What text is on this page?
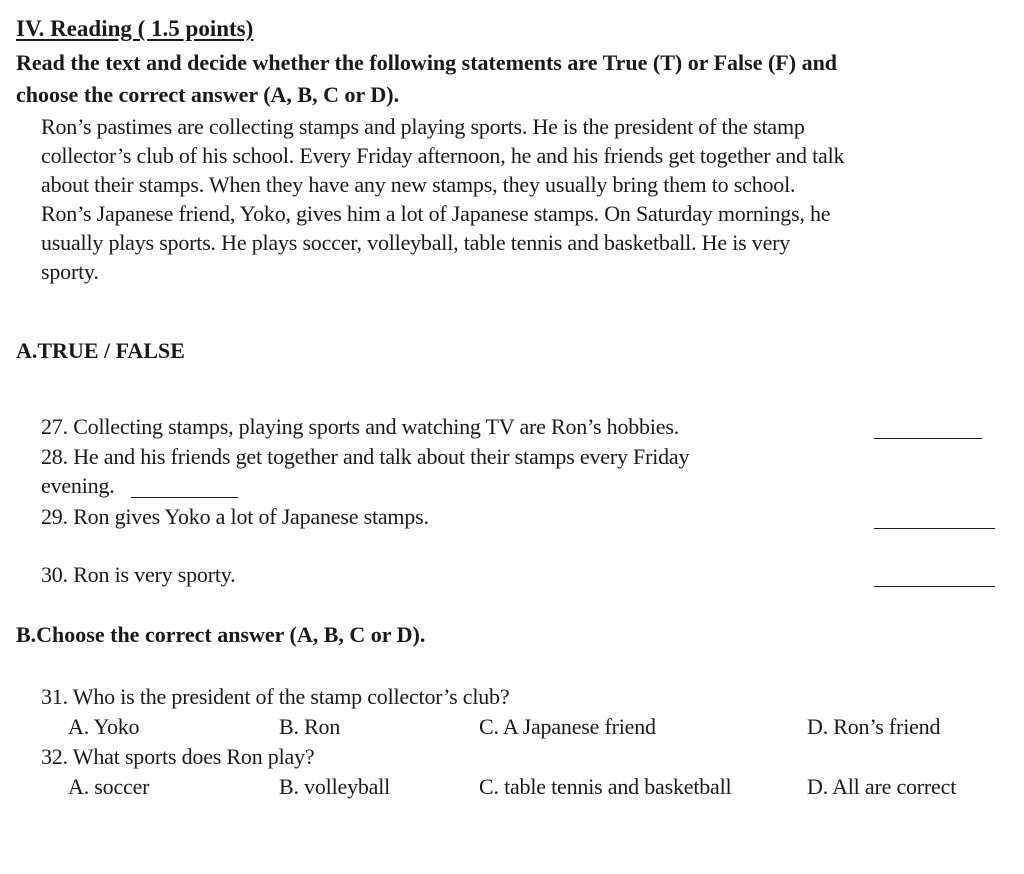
IV. Reading ( 1.5 points)
Read the text and decide whether the following statements are True (T) or False (F) and
choose the correct answer (A, B, C or D).
Ron’s pastimes are collecting stamps and playing sports. He is the president of the stamp
collector’s club of his school. Every Friday afternoon, he and his friends get together and talk
about their stamps. When they have any new stamps, they usually bring them to school.
Ron’s Japanese friend, Yoko, gives him a lot of Japanese stamps. On Saturday mornings, he
usually plays sports. He plays soccer, volleyball, table tennis and basketball. He is very
sporty.
A.TRUE / FALSE
27. Collecting stamps, playing sports and watching TV are Ron’s hobbies.
28. He and his friends get together and talk about their stamps every Friday
evening.
29. Ron gives Yoko a lot of Japanese stamps.
30. Ron is very sporty.
B.Choose the correct answer (A, B, C or D).
31. Who is the president of the stamp collector’s club?
A. Yoko	B. Ron	C. A Japanese friend	D. Ron’s friend
32. What sports does Ron play?
A. soccer	B. volleyball	C. table tennis and basketball	D. All are correct
